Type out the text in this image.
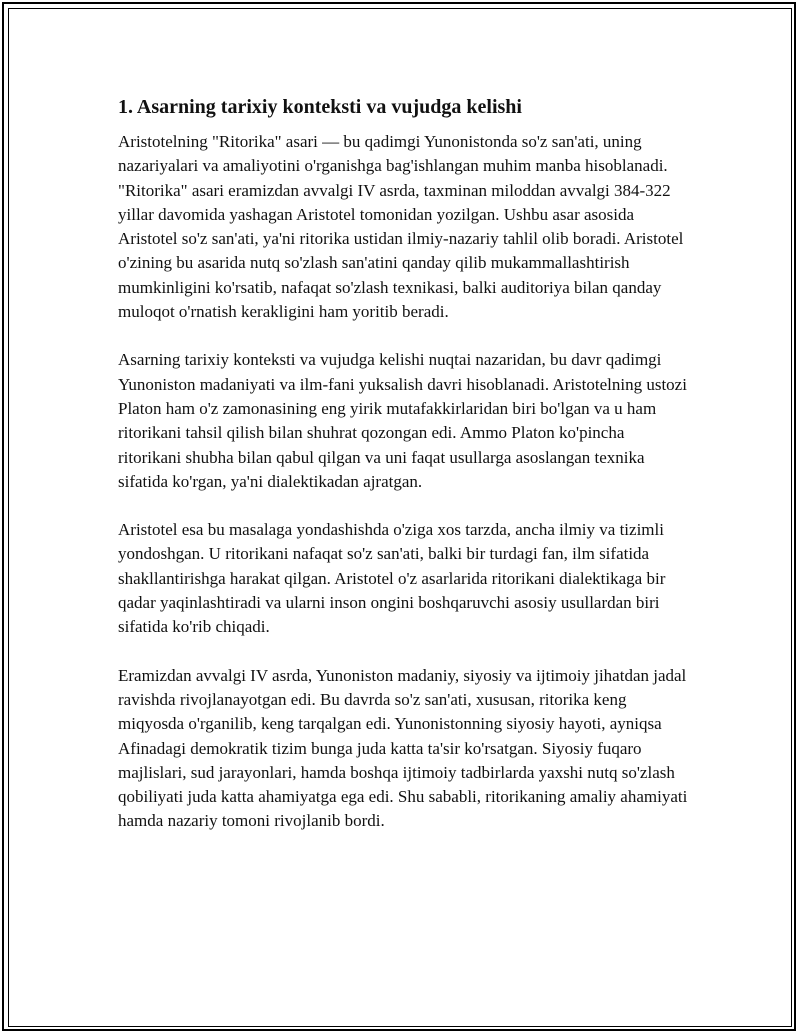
1. Asarning tarixiy konteksti va vujudga kelishi

Aristotelning "Ritorika" asari — bu qadimgi Yunonistonda so'z san'ati, uning nazariyalari va amaliyotini o'rganishga bag'ishlangan muhim manba hisoblanadi. "Ritorika" asari eramizdan avvalgi IV asrda, taxminan miloddan avvalgi 384-322 yillar davomida yashagan Aristotel tomonidan yozilgan. Ushbu asar asosida Aristotel so'z san'ati, ya'ni ritorika ustidan ilmiy-nazariy tahlil olib boradi. Aristotel o'zining bu asarida nutq so'zlash san'atini qanday qilib mukammallashtirish mumkinligini ko'rsatib, nafaqat so'zlash texnikasi, balki auditoriya bilan qanday muloqot o'rnatish kerakligini ham yoritib beradi.

Asarning tarixiy konteksti va vujudga kelishi nuqtai nazaridan, bu davr qadimgi Yunoniston madaniyati va ilm-fani yuksalish davri hisoblanadi. Aristotelning ustozi Platon ham o'z zamonasining eng yirik mutafakkirlaridan biri bo'lgan va u ham ritorikani tahsil qilish bilan shuhrat qozongan edi. Ammo Platon ko'pincha ritorikani shubha bilan qabul qilgan va uni faqat usullarga asoslangan texnika sifatida ko'rgan, ya'ni dialektikadan ajratgan.

Aristotel esa bu masalaga yondashishda o'ziga xos tarzda, ancha ilmiy va tizimli yondoshgan. U ritorikani nafaqat so'z san'ati, balki bir turdagi fan, ilm sifatida shakllantirishga harakat qilgan. Aristotel o'z asarlarida ritorikani dialektikaga bir qadar yaqinlashtiradi va ularni inson ongini boshqaruvchi asosiy usullardan biri sifatida ko'rib chiqadi.

Eramizdan avvalgi IV asrda, Yunoniston madaniy, siyosiy va ijtimoiy jihatdan jadal ravishda rivojlanayotgan edi. Bu davrda so'z san'ati, xususan, ritorika keng miqyosda o'rganilib, keng tarqalgan edi. Yunonistonning siyosiy hayoti, ayniqsa Afinadagi demokratik tizim bunga juda katta ta'sir ko'rsatgan. Siyosiy fuqaro majlislari, sud jarayonlari, hamda boshqa ijtimoiy tadbirlarda yaxshi nutq so'zlash qobiliyati juda katta ahamiyatga ega edi. Shu sababli, ritorikaning amaliy ahamiyati hamda nazariy tomoni rivojlanib bordi.
